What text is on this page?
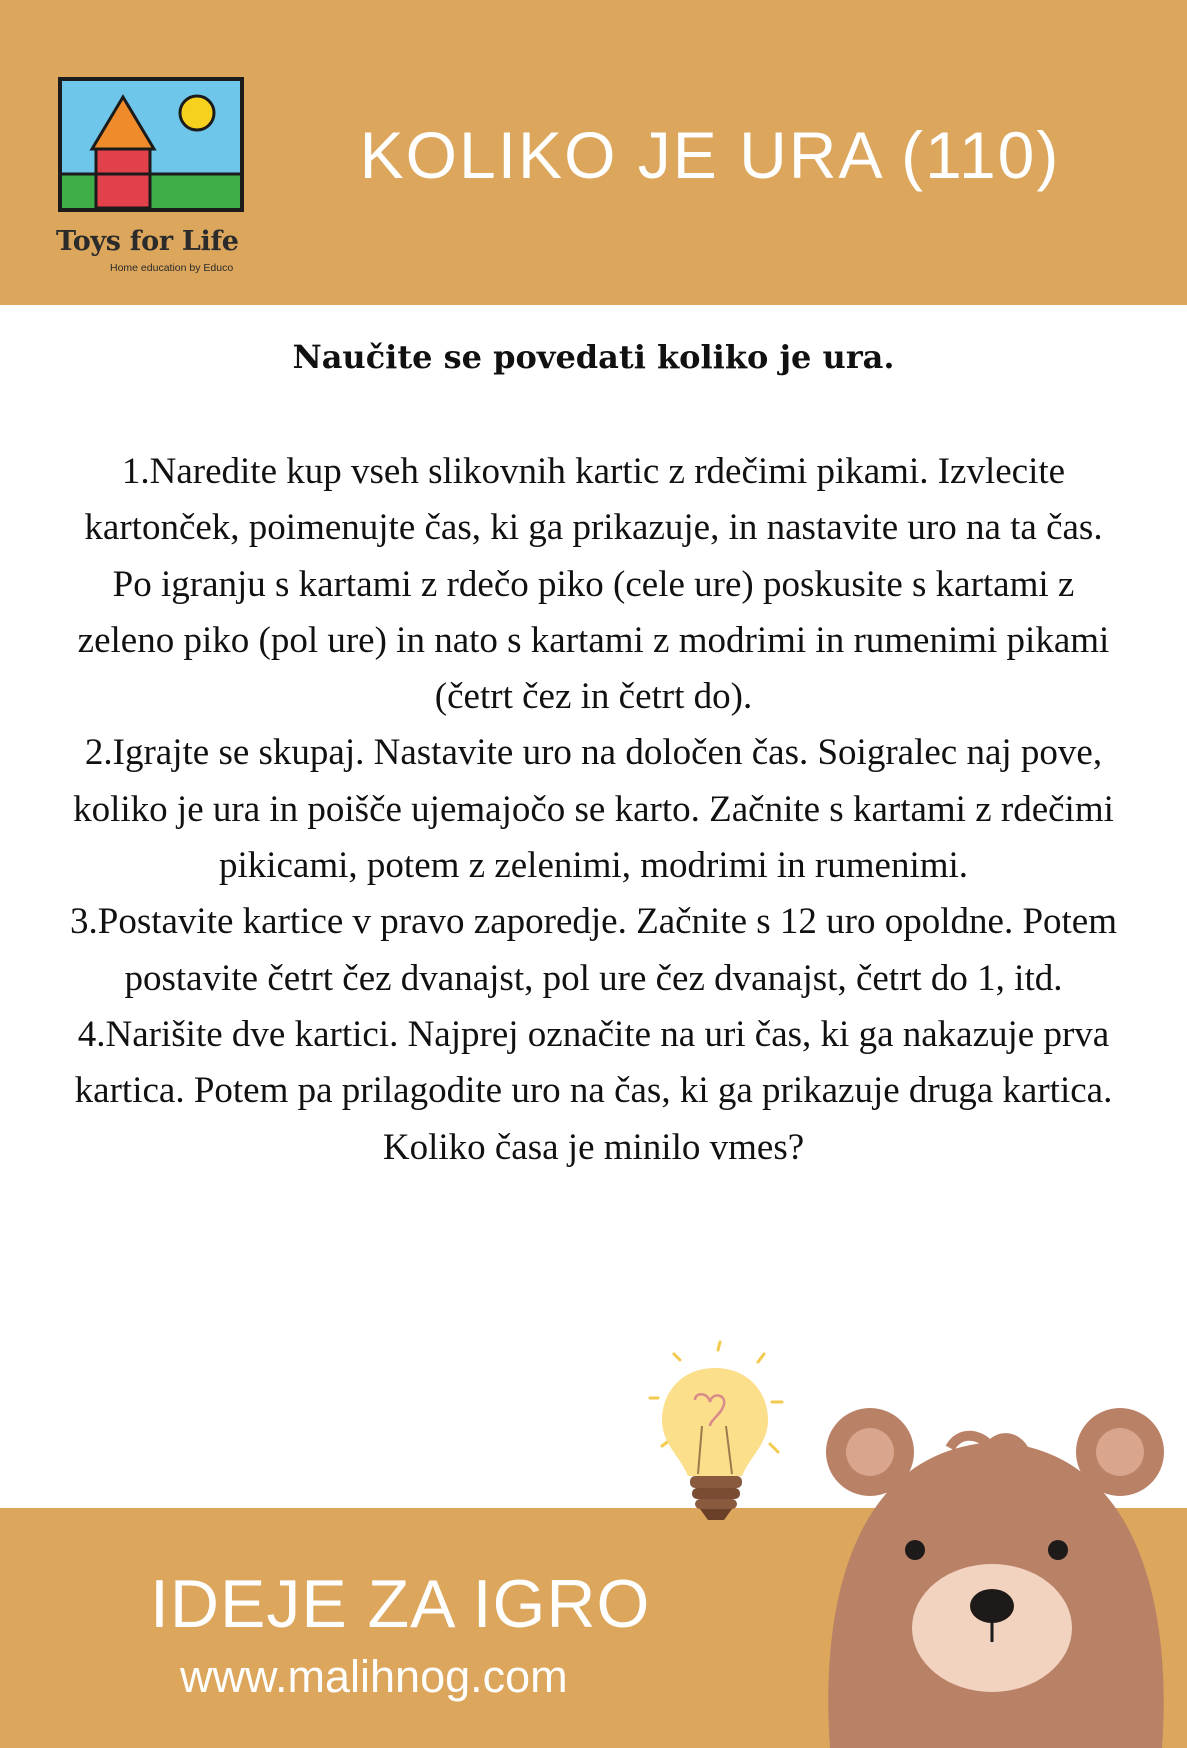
Toys for Life
Home education by Educo
KOLIKO JE URA (110)
Naučite se povedati koliko je ura.

1.Naredite kup vseh slikovnih kartic z rdečimi pikami. Izvlecite kartonček, poimenujte čas, ki ga prikazuje, in nastavite uro na ta čas. Po igranju s kartami z rdečo piko (cele ure) poskusite s kartami z zeleno piko (pol ure) in nato s kartami z modrimi in rumenimi pikami (četrt čez in četrt do).

2.Igrajte se skupaj. Nastavite uro na določen čas. Soigralec naj pove, koliko je ura in poišče ujemajočo se karto. Začnite s kartami z rdečimi pikicami, potem z zelenimi, modrimi in rumenimi.

3.Postavite kartice v pravo zaporedje. Začnite s 12 uro opoldne. Potem postavite četrt čez dvanajst, pol ure čez dvanajst, četrt do 1, itd.

4.Narišite dve kartici. Najprej označite na uri čas, ki ga nakazuje prva kartica. Potem pa prilagodite uro na čas, ki ga prikazuje druga kartica. Koliko časa je minilo vmes?

IDEJE ZA IGRO
www.malihnog.com
